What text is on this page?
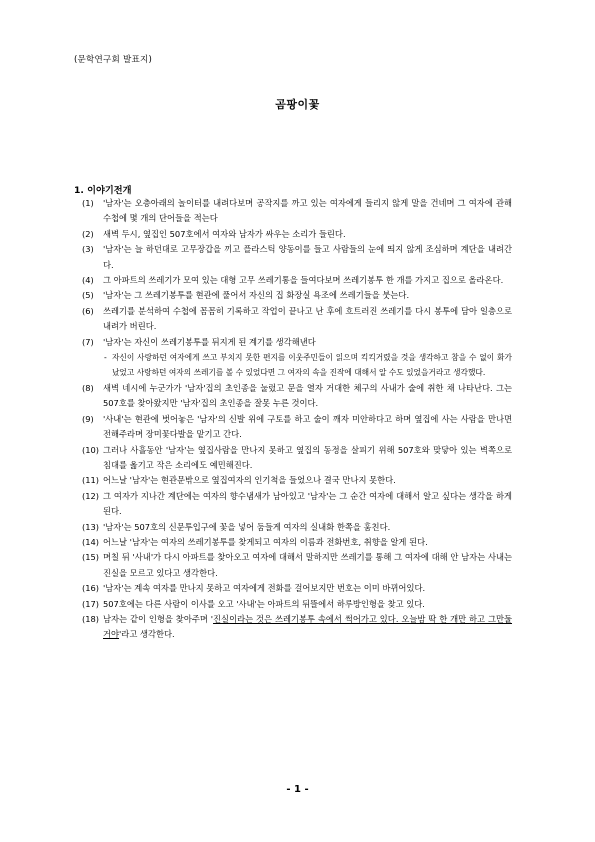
(문학연구회 발표지)
곰팡이꽃
1. 이야기전개
(1) '남자'는 오층아래의 놀이터를 내려다보며 공작지를 까고 있는 여자에게 들리지 않게 말을 건네며 그 여자에 관해 수첩에 몇 개의 단어들을 적는다
(2) 새벽 두시, 옆집인 507호에서 여자와 남자가 싸우는 소리가 들린다.
(3) '남자'는 늘 하던대로 고무장갑을 끼고 플라스틱 양동이를 들고 사람들의 눈에 띄지 않게 조심하며 계단을 내려간다.
(4) 그 아파트의 쓰레기가 모여 있는 대형 고무 쓰레기통을 들여다보며 쓰레기봉투 한 개를 가지고 집으로 올라온다.
(5) '남자'는 그 쓰레기봉투를 현관에 풀어서 자신의 집 화장실 욕조에 쓰레기들을 붓는다.
(6) 쓰레기를 분석하여 수첩에 꼼꼼히 기록하고 작업이 끝나고 난 후에 흐트러진 쓰레기를 다시 봉투에 담아 일층으로 내려가 버린다.
(7) '남자'는 자신이 쓰레기봉투를 뒤지게 된 계기를 생각해낸다
- 자신이 사랑하던 여자에게 쓰고 부치지 못한 편지를 이웃주민들이 읽으며 킥킥거렸을 것을 생각하고 참을 수 없이 화가 났었고 사랑하던 여자의 쓰레기를 볼 수 있었다면 그 여자의 속을 진작에 대해서 알 수도 있었을거라고 생각했다.
(8) 새벽 네시에 누군가가 '남자'집의 초인종을 눌렀고 문을 열자 거대한 체구의 사내가 술에 취한 채 나타난다. 그는 507호를 찾아왔지만 '남자'집의 초인종을 잘못 누른 것이다.
(9) '사내'는 현관에 벗어놓은 '남자'의 신발 위에 구토를 하고 술이 깨자 미안하다고 하며 옆집에 사는 사람을 만나면 전해주라며 장미꽃다발을 맡기고 간다.
(10) 그러나 사흘동안 '남자'는 옆집사람을 만나지 못하고 옆집의 동정을 살피기 위해 507호와 맞닿아 있는 벽쪽으로 침대를 옮기고 작은 소리에도 예민해진다.
(11) 어느날 '남자'는 현관문밖으로 옆집여자의 인기척을 들었으나 결국 만나지 못한다.
(12) 그 여자가 지나간 계단에는 여자의 향수냄새가 남아있고 '남자'는 그 순간 여자에 대해서 알고 싶다는 생각을 하게 된다.
(13) '남자'는 507호의 신문투입구에 꽃을 넣어 둠들게 여자의 실내화 한쪽을 훔친다.
(14) 어느날 '남자'는 여자의 쓰레기봉투를 찾게되고 여자의 이름과 전화번호, 취향을 알게 된다.
(15) 며칠 뒤 '사내'가 다시 아파트를 찾아오고 여자에 대해서 말하지만 쓰레기를 통해 그 여자에 대해 안 남자는 사내는 진실을 모르고 있다고 생각한다.
(16) '남자'는 계속 여자를 만나지 못하고 여자에게 전화를 걸어보지만 번호는 이미 바뀌어있다.
(17) 507호에는 다른 사람이 이사를 오고 '사내'는 아파트의 뒤뜰에서 하루방인형을 찾고 있다.
(18) 남자는 같이 인형을 찾아주며 '진실이라는 것은 쓰레기봉투 속에서 썩어가고 있다. 오늘밤 딱 한 개만 하고 그만둘거야'라고 생각한다.
- 1 -
